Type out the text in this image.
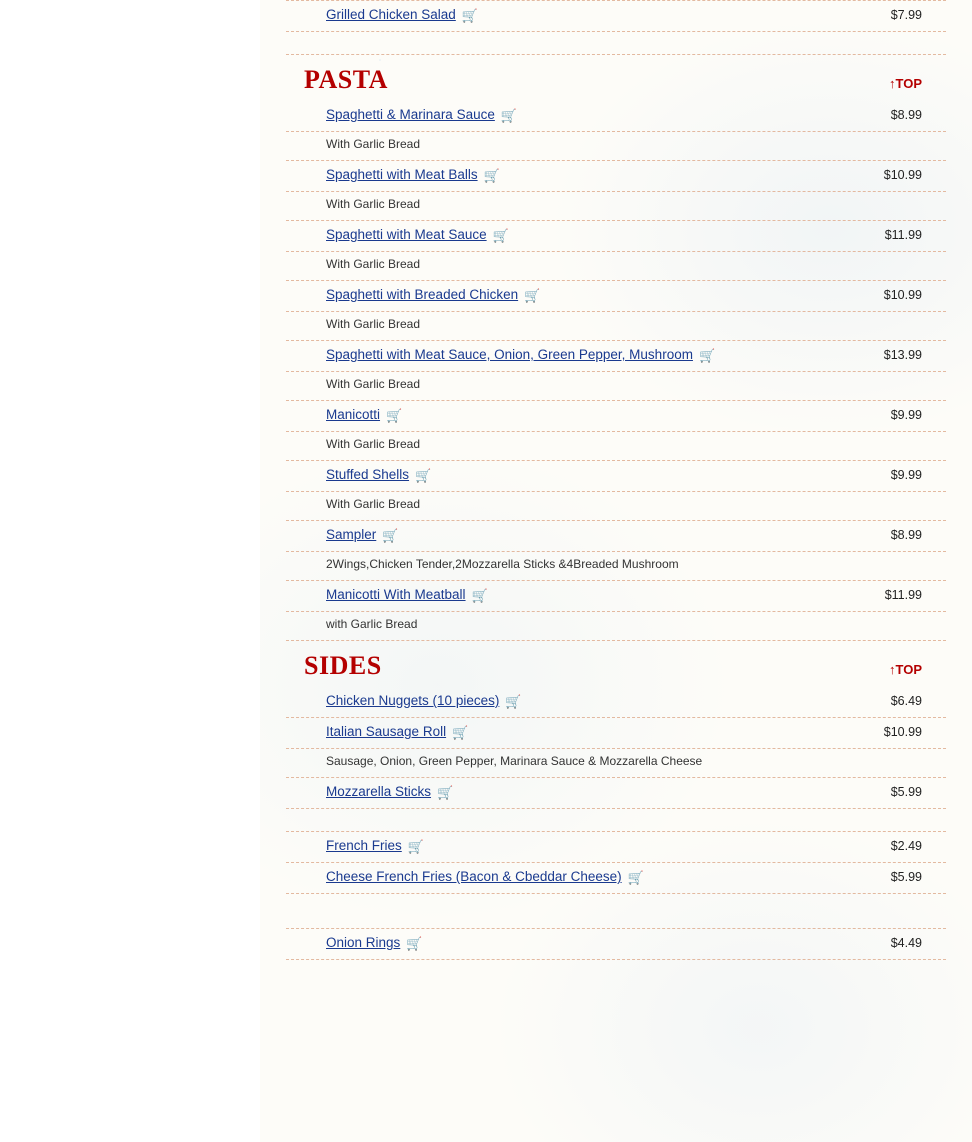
Grilled Chicken Salad 🛒	$7.99
PASTA	↑TOP
Spaghetti & Marinara Sauce 🛒	$8.99
With Garlic Bread
Spaghetti with Meat Balls 🛒	$10.99
With Garlic Bread
Spaghetti with Meat Sauce 🛒	$11.99
With Garlic Bread
Spaghetti with Breaded Chicken 🛒	$10.99
With Garlic Bread
Spaghetti with Meat Sauce, Onion, Green Pepper, Mushroom 🛒	$13.99
With Garlic Bread
Manicotti 🛒	$9.99
With Garlic Bread
Stuffed Shells 🛒	$9.99
With Garlic Bread
Sampler 🛒	$8.99
2Wings,Chicken Tender,2Mozzarella Sticks &4Breaded Mushroom
Manicotti With Meatball 🛒	$11.99
with Garlic Bread
SIDES	↑TOP
Chicken Nuggets (10 pieces) 🛒	$6.49
Italian Sausage Roll 🛒	$10.99
Sausage, Onion, Green Pepper, Marinara Sauce & Mozzarella Cheese
Mozzarella Sticks 🛒	$5.99
French Fries 🛒	$2.49
Cheese French Fries (Bacon & Cbeddar Cheese) 🛒	$5.99
Onion Rings 🛒	$4.49
